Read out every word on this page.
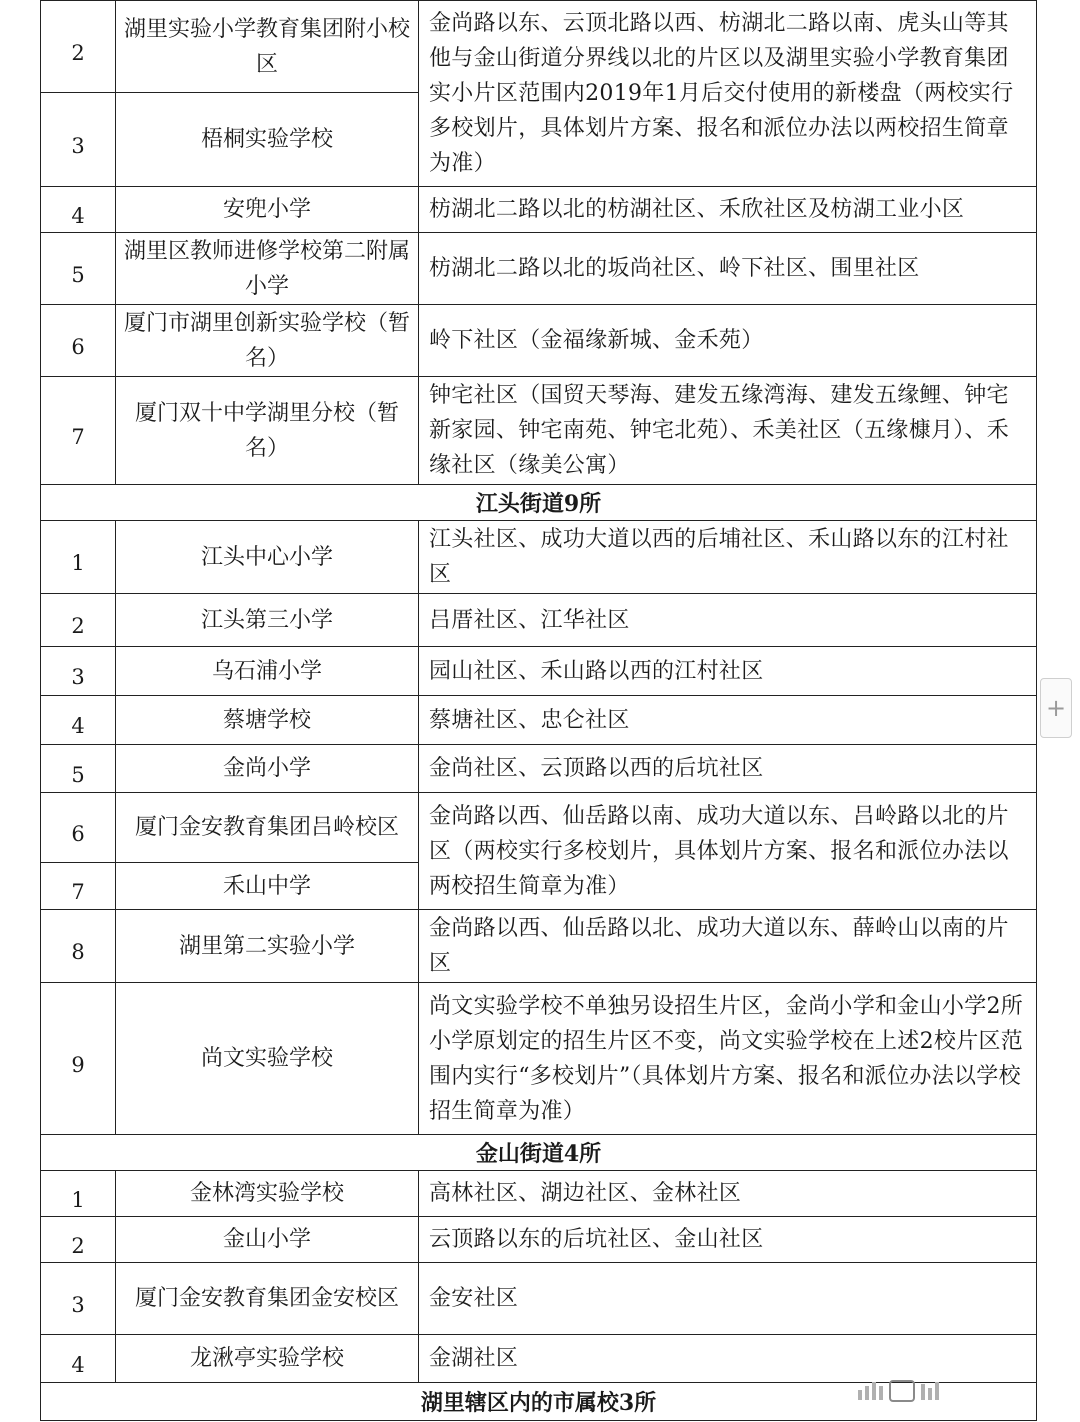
2	湖里实验小学教育集团附小校区	金尚路以东、云顶北路以西、枋湖北二路以南、虎头山等其他与金山街道分界线以北的片区以及湖里实验小学教育集团实小片区范围内2019年1月后交付使用的新楼盘（两校实行多校划片，具体划片方案、报名和派位办法以两校招生简章为准）
3	梧桐实验学校	
4	安兜小学	枋湖北二路以北的枋湖社区、禾欣社区及枋湖工业小区
5	湖里区教师进修学校第二附属小学	枋湖北二路以北的坂尚社区、岭下社区、围里社区
6	厦门市湖里创新实验学校（暂名）	岭下社区（金福缘新城、金禾苑）
7	厦门双十中学湖里分校（暂名）	钟宅社区（国贸天琴海、建发五缘湾海、建发五缘鲤、钟宅新家园、钟宅南苑、钟宅北苑）、禾美社区（五缘槺月）、禾缘社区（缘美公寓）
江头街道9所		
1	江头中心小学	江头社区、成功大道以西的后埔社区、禾山路以东的江村社区
2	江头第三小学	吕厝社区、江华社区
3	乌石浦小学	园山社区、禾山路以西的江村社区
4	蔡塘学校	蔡塘社区、忠仑社区
5	金尚小学	金尚社区、云顶路以西的后坑社区
6	厦门金安教育集团吕岭校区	金尚路以西、仙岳路以南、成功大道以东、吕岭路以北的片区（两校实行多校划片，具体划片方案、报名和派位办法以两校招生简章为准）
7	禾山中学	
8	湖里第二实验小学	金尚路以西、仙岳路以北、成功大道以东、薛岭山以南的片区
9	尚文实验学校	尚文实验学校不单独另设招生片区，金尚小学和金山小学2所小学原划定的招生片区不变，尚文实验学校在上述2校片区范围内实行“多校划片”（具体划片方案、报名和派位办法以学校招生简章为准）
金山街道4所		
1	金林湾实验学校	高林社区、湖边社区、金林社区
2	金山小学	云顶路以东的后坑社区、金山社区
3	厦门金安教育集团金安校区	金安社区
4	龙湫亭实验学校	金湖社区
湖里辖区内的市属校3所		
+
